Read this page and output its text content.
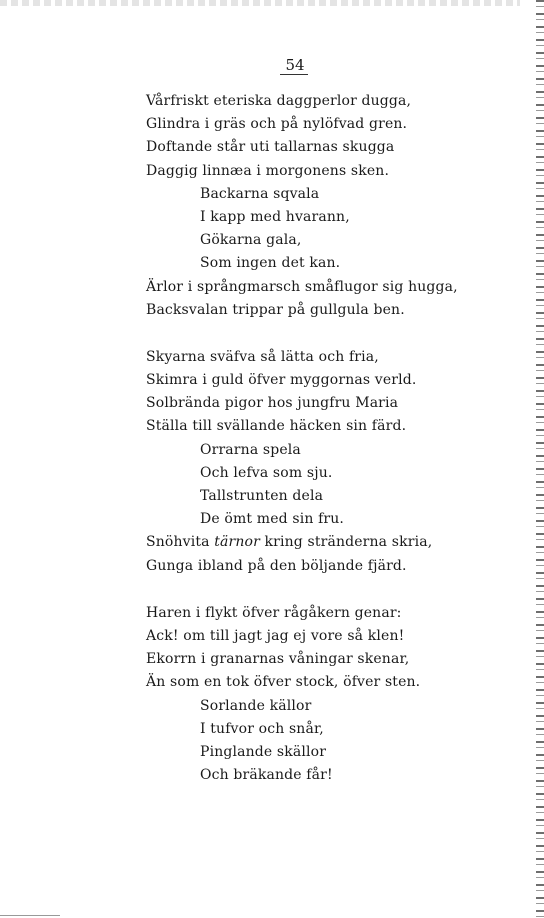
54
Vårfriskt eteriska daggperlor dugga,
Glindra i gräs och på nylöfvad gren.
Doftande står uti tallarnas skugga
Daggig linnæa i morgonens sken.
Backarna sqvala
I kapp med hvarann,
Gökarna gala,
Som ingen det kan.
Ärlor i språngmarsch småflugor sig hugga,
Backsvalan trippar på gullgula ben.
Skyarna sväfva så lätta och fria,
Skimra i guld öfver myggornas verld.
Solbrända pigor hos jungfru Maria
Ställa till svällande häcken sin färd.
Orrarna spela
Och lefva som sju.
Tallstrunten dela
De ömt med sin fru.
Snöhvita tärnor kring stränderna skria,
Gunga ibland på den böljande fjärd.
Haren i flykt öfver rågåkern genar:
Ack! om till jagt jag ej vore så klen!
Ekorrn i granarnas våningar skenar,
Än som en tok öfver stock, öfver sten.
Sorlande källor
I tufvor och snår,
Pinglande skällor
Och bräkande får!
